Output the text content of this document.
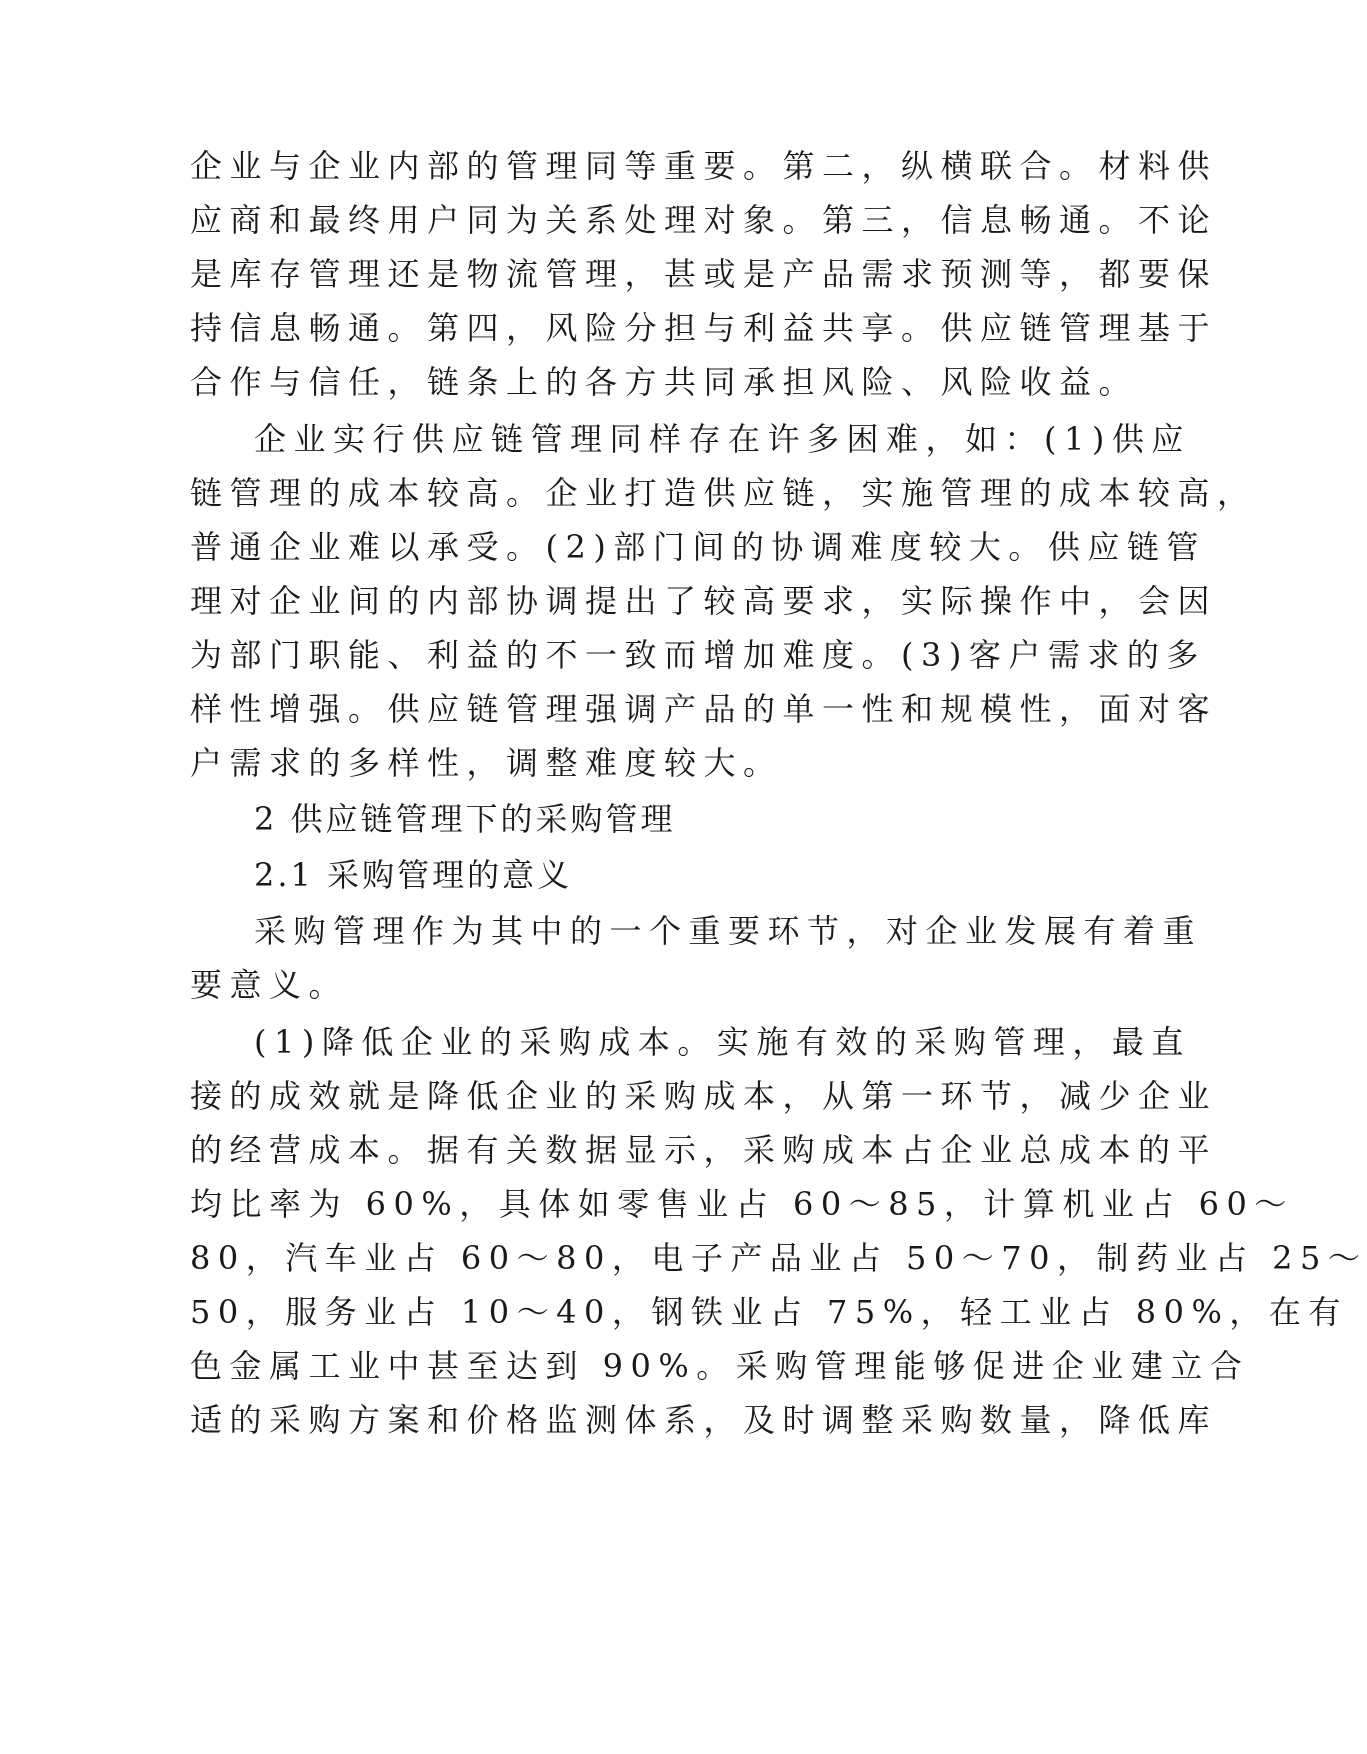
企业与企业内部的管理同等重要。第二，纵横联合。材料供
应商和最终用户同为关系处理对象。第三，信息畅通。不论
是库存管理还是物流管理，甚或是产品需求预测等，都要保
持信息畅通。第四，风险分担与利益共享。供应链管理基于
合作与信任，链条上的各方共同承担风险、风险收益。
企业实行供应链管理同样存在许多困难，如：(1)供应
链管理的成本较高。企业打造供应链，实施管理的成本较高，
普通企业难以承受。(2)部门间的协调难度较大。供应链管
理对企业间的内部协调提出了较高要求，实际操作中，会因
为部门职能、利益的不一致而增加难度。(3)客户需求的多
样性增强。供应链管理强调产品的单一性和规模性，面对客
户需求的多样性，调整难度较大。
2 供应链管理下的采购管理
2.1 采购管理的意义
采购管理作为其中的一个重要环节，对企业发展有着重
要意义。
(1)降低企业的采购成本。实施有效的采购管理，最直
接的成效就是降低企业的采购成本，从第一环节，减少企业
的经营成本。据有关数据显示，采购成本占企业总成本的平
均比率为 60%，具体如零售业占 60～85，计算机业占 60～
80，汽车业占 60～80，电子产品业占 50～70，制药业占 25～
50，服务业占 10～40，钢铁业占 75%，轻工业占 80%，在有
色金属工业中甚至达到 90%。采购管理能够促进企业建立合
适的采购方案和价格监测体系，及时调整采购数量，降低库
